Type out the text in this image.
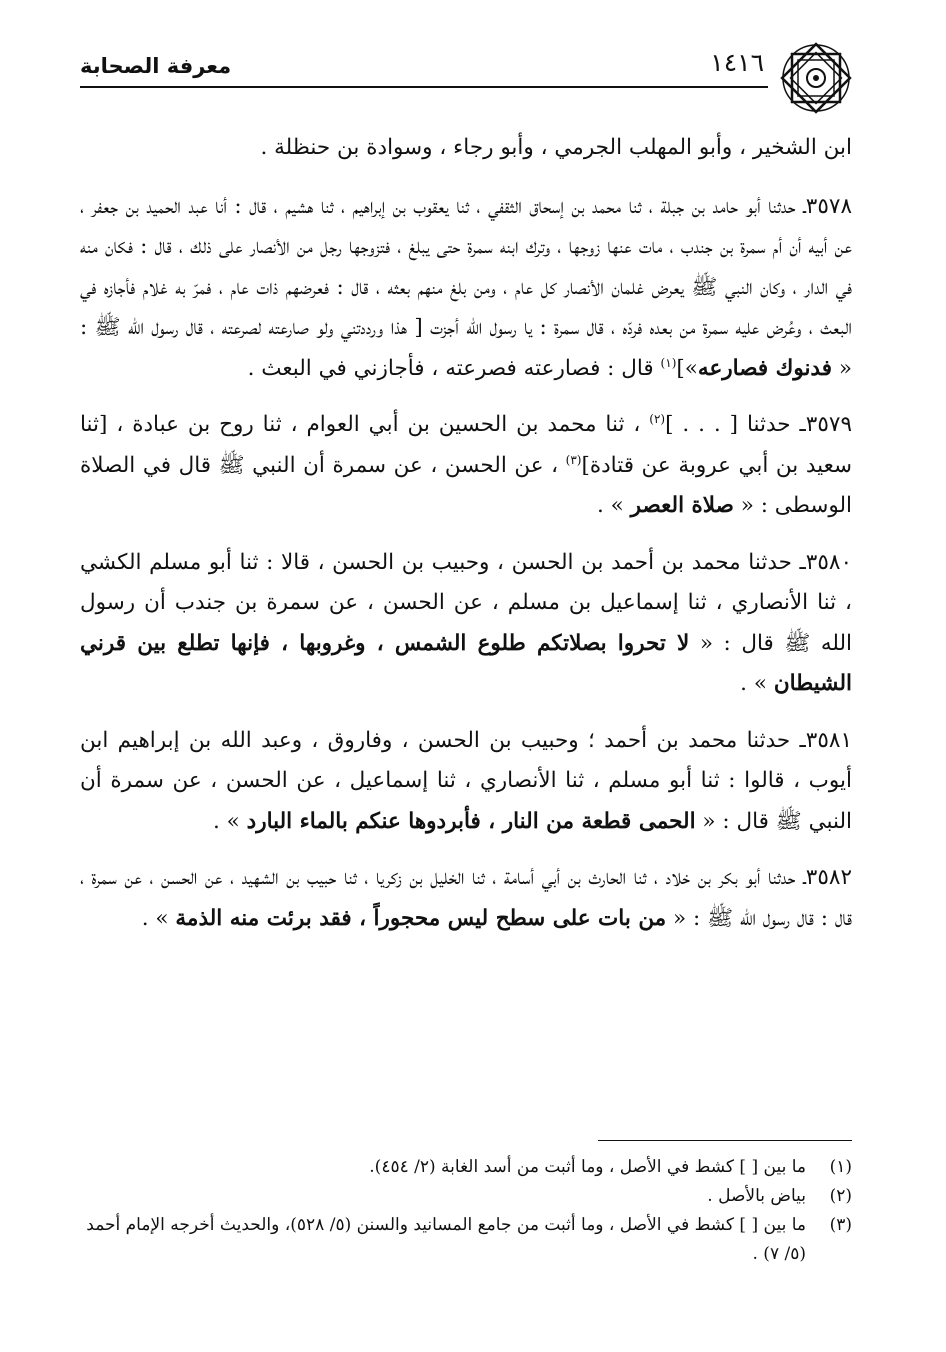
معرفة الصحابة	١٤١٦

ابن الشخير ، وأبو المهلب الجرمي ، وأبو رجاء ، وسوادة بن حنظلة .

٣٥٧٨ـ حدثنا أبو حامد بن جبلة ، ثنا محمد بن إسحاق الثقفي ، ثنا يعقوب بن إبراهيم ، ثنا هشيم ، قال : أنا عبد الحميد بن جعفر ، عن أبيه أن أم سمرة بن جندب ، مات عنها زوجها ، وترك ابنه سمرة حتى يبلغ ، فتزوجها رجل من الأنصار على ذلك ، قال : فكان منه في الدار ، وكان النبي ﷺ يعرض غلمان الأنصار كل عام ، ومن بلغ منهم بعثه ، قال : فعرضهم ذات عام ، فمرّ به غلام فأجازه في البعث ، وعُرض عليه سمرة من بعده فردّه ، قال سمرة : يا رسول الله أجزت [ هذا ورددتني ولو صارعته لصرعته ، قال رسول الله ﷺ : « فدنوك فصارعه»]$^{(١)}$ قال : فصارعته فصرعته ، فأجازني في البعث .

٣٥٧٩ـ حدثنا [ . . . ]$^{(٢)}$ ، ثنا محمد بن الحسين بن أبي العوام ، ثنا روح بن عبادة ، [ثنا سعيد بن أبي عروبة عن قتادة]$^{(٣)}$ ، عن الحسن ، عن سمرة أن النبي ﷺ قال في الصلاة الوسطى : « صلاة العصر » .

٣٥٨٠ـ حدثنا محمد بن أحمد بن الحسن ، وحبيب بن الحسن ، قالا : ثنا أبو مسلم الكشي ، ثنا الأنصاري ، ثنا إسماعيل بن مسلم ، عن الحسن ، عن سمرة بن جندب أن رسول الله ﷺ قال : « لا تحروا بصلاتكم طلوع الشمس ، وغروبها ، فإنها تطلع بين قرني الشيطان » .

٣٥٨١ـ حدثنا محمد بن أحمد ؛ وحبيب بن الحسن ، وفاروق ، وعبد الله بن إبراهيم ابن أيوب ، قالوا : ثنا أبو مسلم ، ثنا الأنصاري ، ثنا إسماعيل ، عن الحسن ، عن سمرة أن النبي ﷺ قال : « الحمى قطعة من النار ، فأبردوها عنكم بالماء البارد » .

٣٥٨٢ـ حدثنا أبو بكر بن خلاد ، ثنا الحارث بن أبي أسامة ، ثنا الخليل بن زكريا ، ثنا حبيب بن الشهيد ، عن الحسن ، عن سمرة ، قال : قال رسول الله ﷺ : « من بات على سطح ليس محجوراً ، فقد برئت منه الذمة » .

(١)
ما بين [ ] كشط في الأصل ، وما أثبت من أسد الغابة (٢/ ٤٥٤).
(٢)
بياض بالأصل .
(٣)
ما بين [ ] كشط في الأصل ، وما أثبت من جامع المسانيد والسنن (٥/ ٥٢٨)، والحديث أخرجه الإمام أحمد (٥/ ٧) .
